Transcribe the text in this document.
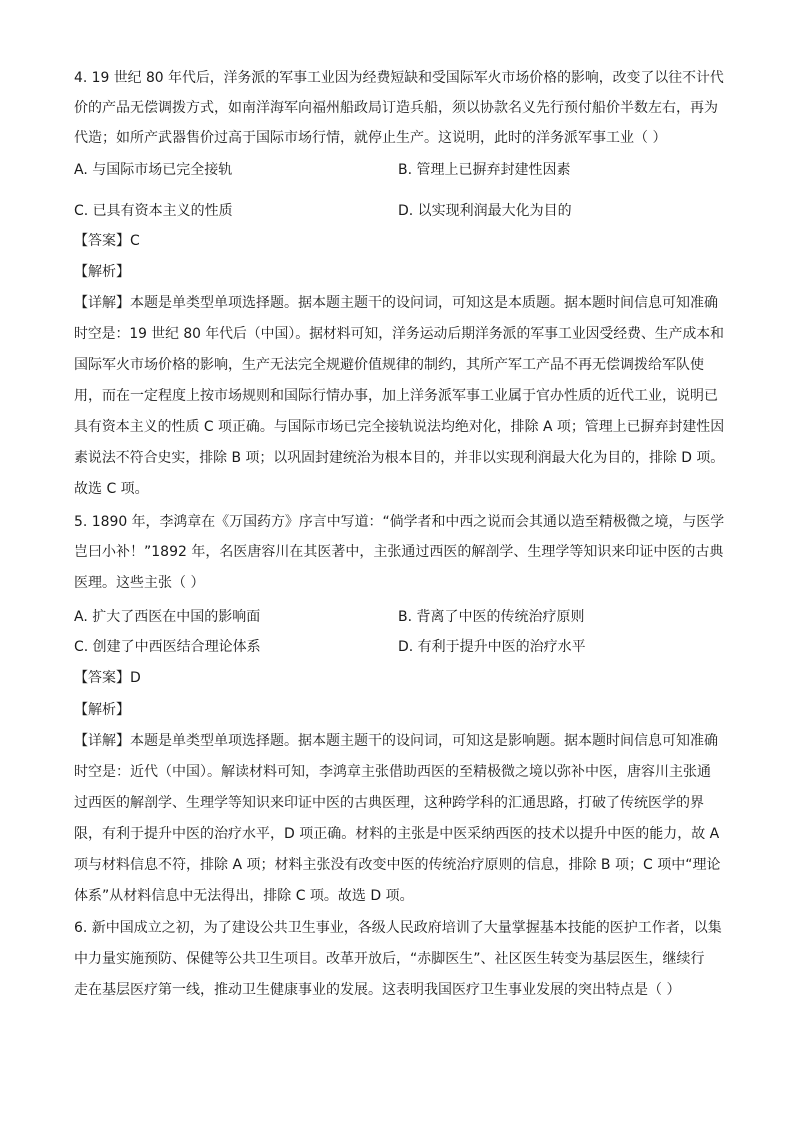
4. 19 世纪 80 年代后，洋务派的军事工业因为经费短缺和受国际军火市场价格的影响，改变了以往不计代
价的产品无偿调拨方式，如南洋海军向福州船政局订造兵船，须以协款名义先行预付船价半数左右，再为
代造；如所产武器售价过高于国际市场行情，就停止生产。这说明，此时的洋务派军事工业（ ）
A. 与国际市场已完全接轨	B. 管理上已摒弃封建性因素
C. 已具有资本主义的性质	D. 以实现利润最大化为目的
【答案】C
【解析】
【详解】本题是单类型单项选择题。据本题主题干的设问词，可知这是本质题。据本题时间信息可知准确
时空是：19 世纪 80 年代后（中国）。据材料可知，洋务运动后期洋务派的军事工业因受经费、生产成本和
国际军火市场价格的影响，生产无法完全规避价值规律的制约，其所产军工产品不再无偿调拨给军队使
用，而在一定程度上按市场规则和国际行情办事，加上洋务派军事工业属于官办性质的近代工业，说明已
具有资本主义的性质 C 项正确。与国际市场已完全接轨说法均绝对化，排除 A 项；管理上已摒弃封建性因
素说法不符合史实，排除 B 项；以巩固封建统治为根本目的，并非以实现利润最大化为目的，排除 D 项。
故选 C 项。
5. 1890 年，李鸿章在《万国药方》序言中写道：“倘学者和中西之说而会其通以造至精极微之境，与医学
岂曰小补！”1892 年，名医唐容川在其医著中，主张通过西医的解剖学、生理学等知识来印证中医的古典
医理。这些主张（ ）
A. 扩大了西医在中国的影响面	B. 背离了中医的传统治疗原则
C. 创建了中西医结合理论体系	D. 有利于提升中医的治疗水平
【答案】D
【解析】
【详解】本题是单类型单项选择题。据本题主题干的设问词，可知这是影响题。据本题时间信息可知准确
时空是：近代（中国）。解读材料可知，李鸿章主张借助西医的至精极微之境以弥补中医，唐容川主张通
过西医的解剖学、生理学等知识来印证中医的古典医理，这种跨学科的汇通思路，打破了传统医学的界
限，有利于提升中医的治疗水平，D 项正确。材料的主张是中医采纳西医的技术以提升中医的能力，故 A
项与材料信息不符，排除 A 项；材料主张没有改变中医的传统治疗原则的信息，排除 B 项；C 项中“理论
体系”从材料信息中无法得出，排除 C 项。故选 D 项。
6. 新中国成立之初，为了建设公共卫生事业，各级人民政府培训了大量掌握基本技能的医护工作者，以集
中力量实施预防、保健等公共卫生项目。改革开放后，“赤脚医生”、社区医生转变为基层医生，继续行
走在基层医疗第一线，推动卫生健康事业的发展。这表明我国医疗卫生事业发展的突出特点是（ ）
